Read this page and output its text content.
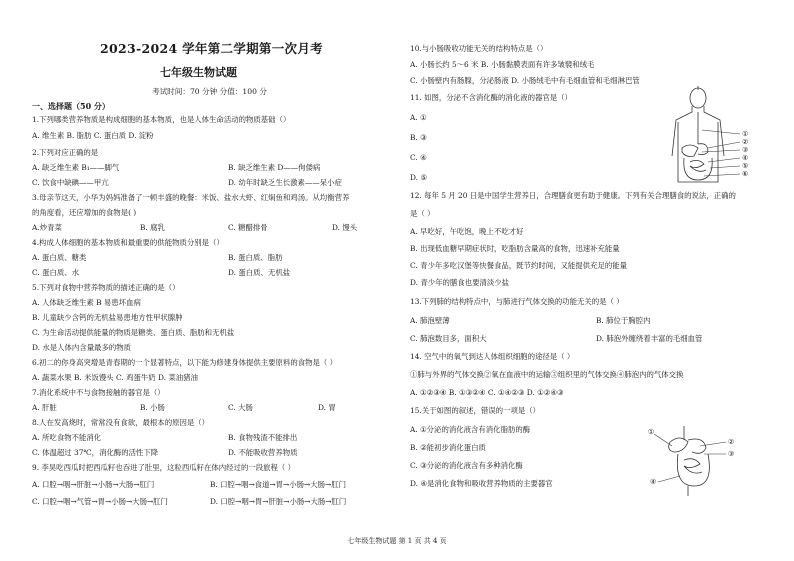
2023-2024 学年第二学期第一次月考
七年级生物试题
考试时间：70 分钟 分值：100 分
一、选择题（50 分）
1.下列哪类营养物质是构成细胞的基本物质，也是人体生命活动的物质基础（）
A. 维生素 B. 脂肪 C. 蛋白质 D. 淀粉
2.下列对应正确的是
A. 缺乏维生素 B₁——脚气	B. 缺乏维生素 D——佝偻病
C. 饮食中缺碘——甲亢	D. 幼年时缺乏生长激素——呆小症
3.母亲节这天，小华为妈妈准备了一顿丰盛的晚餐：米饭、盐水大虾、红焖鱼和鸡汤。从均衡营养
的角度看，还应增加的食物是( )
A.炒青菜	B. 腐乳	C. 糖醋排骨	D. 馒头
4.构成人体细胞的基本物质和最重要的供能物质分别是（）
A. 蛋白质、糖类	B. 蛋白质、脂肪
C. 蛋白质、水	D. 蛋白质、无机盐
5.下列对食物中营养物质的描述正确的是（）
A. 人体缺乏维生素 B 易患坏血病
B. 儿童缺少含钙的无机盐易患地方性甲状腺肿
C. 为生命活动提供能量的物质是糖类、蛋白质、脂肪和无机盐
D. 水是人体内含量最多的物质
6.初二的你身高突增是青春期的一个显著特点，以下能为修建身体提供主要原料的食物是（ ）
A. 蔬菜水果 B. 米饭馒头 C. 鸡蛋牛奶 D. 菜油猪油
7.消化系统中不与食物接触的器官是（）
A. 肝脏	B. 小肠	C. 大肠	D. 胃
8.人在发高烧时，常常没有食欲，最根本的原因是（）
A. 所吃食物不能消化	B. 食物残渣不能排出
C. 体温超过 37℃，消化酶的活性下降	D. 不能吸收营养物质
9. 李昊吃西瓜时把西瓜籽也吞进了肚里，这粒西瓜籽在体内经过的一段旅程（ ）
A. 口腔→咽→肝脏→小肠→大肠→肛门	B. 口腔→咽→食道→胃→小肠→大肠→肛门
C. 口腔→咽→气管→胃→小肠→大肠→肛门	D. 口腔→咽→胃→肝脏→小肠→大肠→肛门
10.与小肠吸收功能无关的结构特点是（）
A. 小肠长约 5～6 米 B. 小肠黏膜表面有许多皱襞和绒毛
C. 小肠壁内有肠腺，分泌肠液 D. 小肠绒毛中有毛细血管和毛细淋巴管
11. 如图，分泌不含消化酶的消化液的器官是（）
A. ①
B. ③
C. ④
D. ⑤
①
②
③
④
⑤
⑥
12. 每年 5 月 20 日是中国学生营养日，合理膳食更有助于健康。下列有关合理膳食的说法，正确的
是（ ）
A. 早吃好，午吃饱，晚上不吃才好
B. 出现低血糖早期症状时，吃脂肪含量高的食物，迅速补充能量
C. 青少年多吃汉堡等快餐食品，既节约时间，又能提供充足的能量
D. 青少年的膳食也要清淡少盐
13.下列肺的结构特点中，与肺进行气体交换的功能无关的是（ ）
A. 肺泡壁薄	B. 肺位于胸腔内
C. 肺泡数目多，面积大	D. 肺泡外缠绕着丰富的毛细血管
14. 空气中的氧气到达人体组织细胞的途径是（ ）
①肺与外界的气体交换②氧在血液中的运输③组织里的气体交换④肺泡内的气体交换
A. ①②③④ B. ①③②④ C. ①④②③ D. ①②④③
15.关于如图的叙述，错误的一项是（）
A. ①分泌的消化液含有消化脂肪的酶
B. ②能初步消化蛋白质
C. ③分泌的消化液含有多种消化酶
D. ④是消化食物和吸收营养物质的主要器官
①
②
③
④
七年级生物试题 第 1 页 共 4 页
